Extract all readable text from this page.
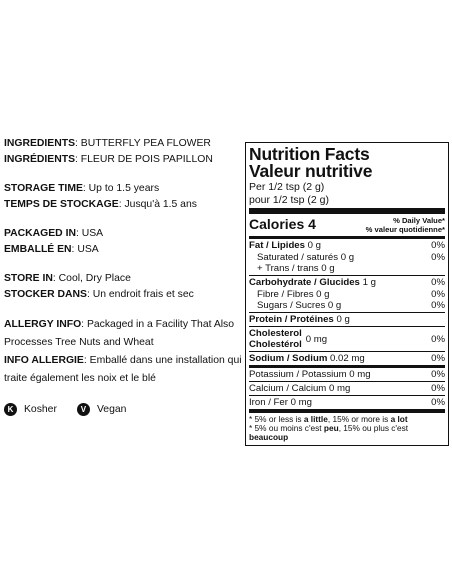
INGREDIENTS: BUTTERFLY PEA FLOWER

INGRÉDIENTS: FLEUR DE POIS PAPILLON

STORAGE TIME: Up to 1.5 years

TEMPS DE STOCKAGE: Jusqu'à 1.5 ans

PACKAGED IN: USA

EMBALLÉ EN: USA

STORE IN: Cool, Dry Place

STOCKER DANS: Un endroit frais et sec

ALLERGY INFO: Packaged in a Facility That Also Processes Tree Nuts and Wheat

INFO ALLERGIE: Emballé dans une installation qui traite également les noix et le blé

K	Kosher	V	Vegan
Nutrition Facts
Valeur nutritive
Per 1/2 tsp (2 g)
pour 1/2 tsp (2 g)
Calories 4	% Daily Value*
% valeur quotidienne*
Fat / Lipides 0 g	0%
Saturated / saturés 0 g	0%
+ Trans / trans 0 g
Carbohydrate / Glucides 1 g	0%
Fibre / Fibres 0 g	0%
Sugars / Sucres 0 g	0%
Protein / Protéines 0 g
Cholesterol
Cholestérol 0 mg	0%
Sodium / Sodium 0.02 mg	0%
Potassium / Potassium 0 mg	0%
Calcium / Calcium 0 mg	0%
Iron / Fer 0 mg	0%
* 5% or less is a little, 15% or more is a lot
* 5% ou moins c'est peu, 15% ou plus c'est beaucoup
